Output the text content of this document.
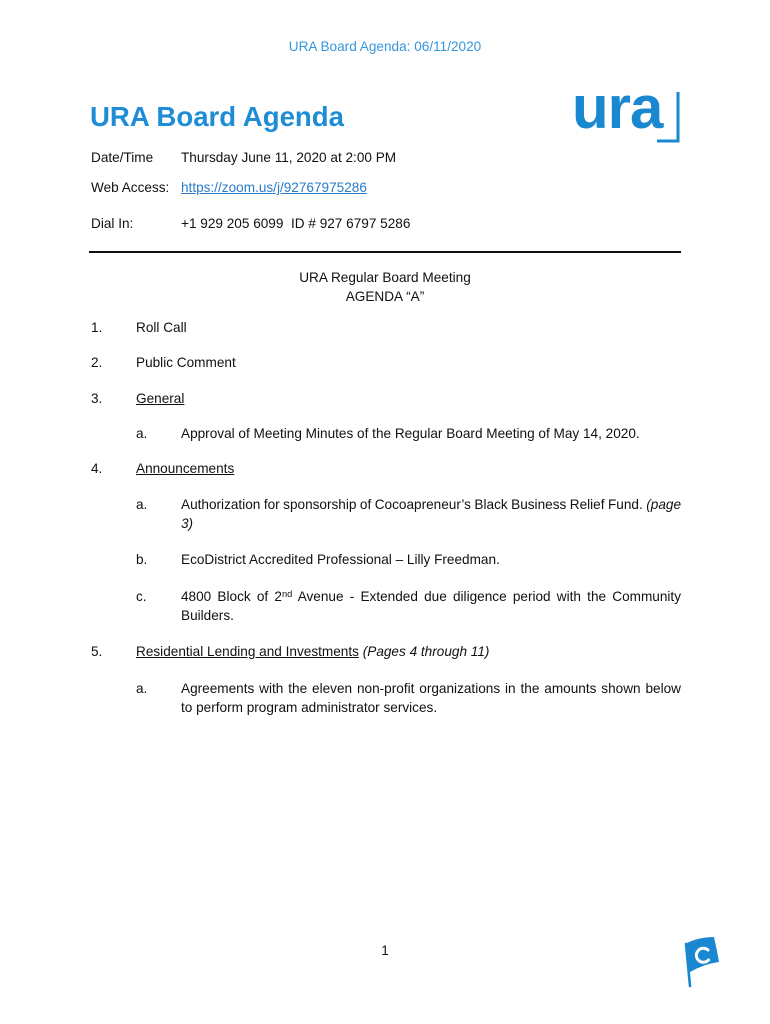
URA Board Agenda: 06/11/2020
URA Board Agenda	ura
Date/Time Thursday June 11, 2020 at 2:00 PM
Web Access: https://zoom.us/j/92767975286
Dial In:	+1 929 205 6099  ID # 927 6797 5286
URA Regular Board Meeting
AGENDA “A”
1. Roll Call
2. Public Comment
3. General
a. Approval of Meeting Minutes of the Regular Board Meeting of May 14, 2020.
4. Announcements
a. Authorization for sponsorship of Cocoapreneur’s Black Business Relief Fund. (page 3)
b. EcoDistrict Accredited Professional – Lilly Freedman.
c.	4800 Block of 2nd Avenue - Extended due diligence period with the Community Builders.
5. Residential Lending and Investments (Pages 4 through 11)
a. Agreements with the eleven non-profit organizations in the amounts shown below to perform program administrator services.
1
